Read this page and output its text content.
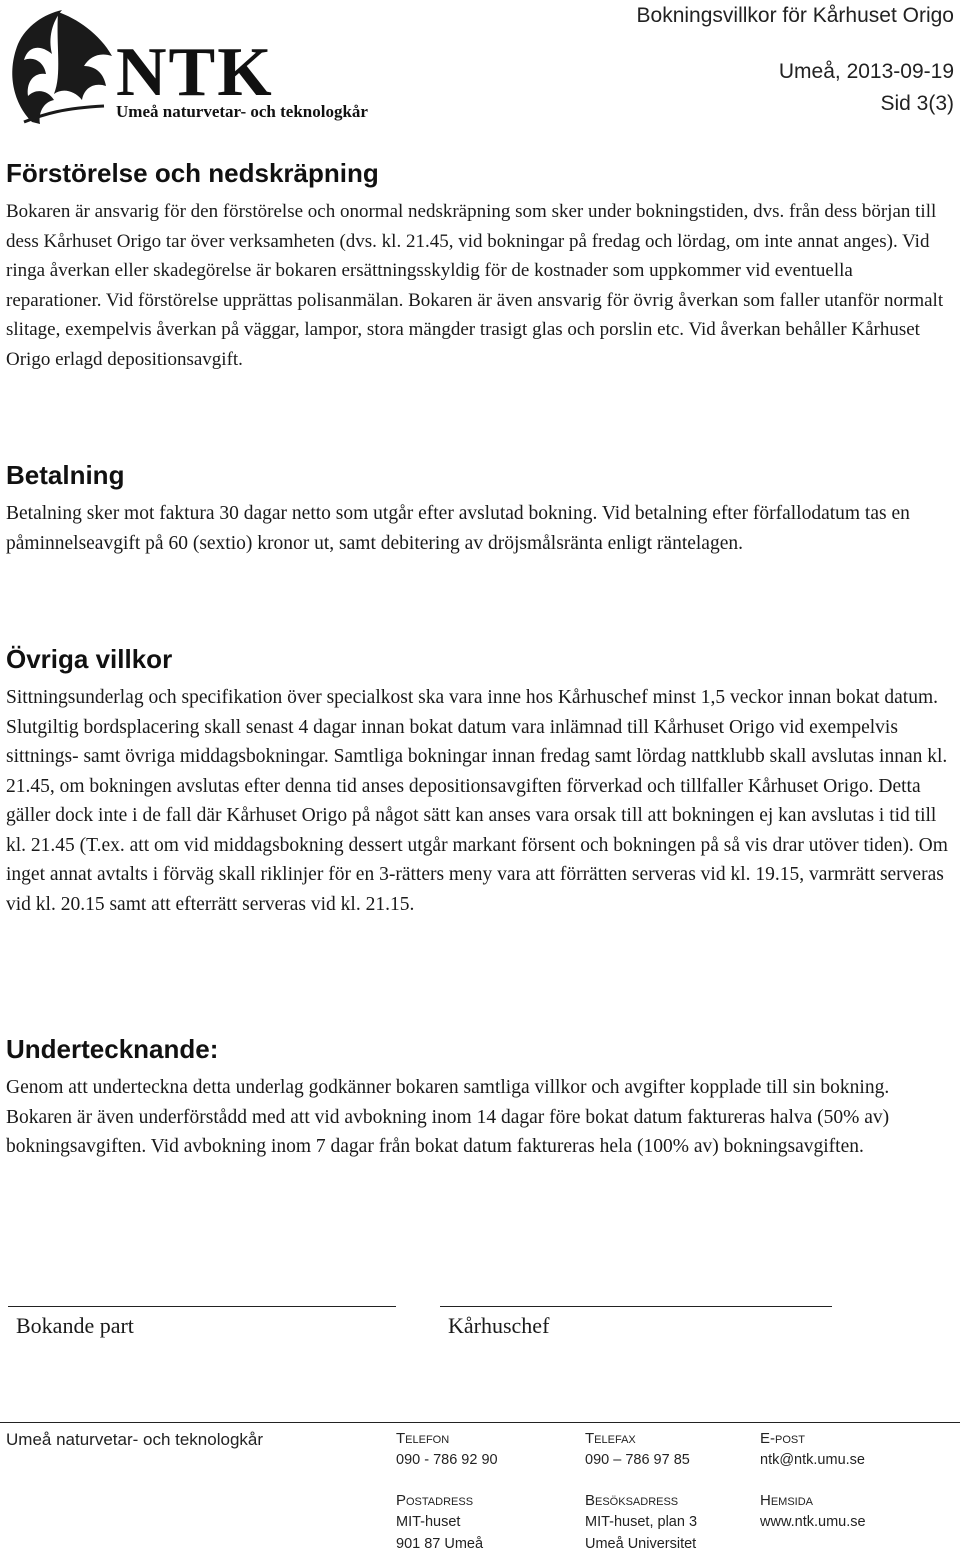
NTK
Umeå naturvetar- och teknologkår
Bokningsvillkor för Kårhuset Origo
Umeå, 2013-09-19
Sid 3(3)
Förstörelse och nedskräpning

Bokaren är ansvarig för den förstörelse och onormal nedskräpning som sker under bokningstiden, dvs. från dess början till dess Kårhuset Origo tar över verksamheten (dvs. kl. 21.45, vid bokningar på fredag och lördag, om inte annat anges). Vid ringa åverkan eller skadegörelse är bokaren ersättningsskyldig för de kostnader som uppkommer vid eventuella reparationer. Vid förstörelse upprättas polisanmälan. Bokaren är även ansvarig för övrig åverkan som faller utanför normalt slitage, exempelvis åverkan på väggar, lampor, stora mängder trasigt glas och porslin etc. Vid åverkan behåller Kårhuset Origo erlagd depositionsavgift.

Betalning

Betalning sker mot faktura 30 dagar netto som utgår efter avslutad bokning. Vid betalning efter förfallodatum tas en påminnelseavgift på 60 (sextio) kronor ut, samt debitering av dröjsmålsränta enligt räntelagen.

Övriga villkor

Sittningsunderlag och specifikation över specialkost ska vara inne hos Kårhuschef minst 1,5 veckor innan bokat datum. Slutgiltig bordsplacering skall senast 4 dagar innan bokat datum vara inlämnad till Kårhuset Origo vid exempelvis sittnings- samt övriga middagsbokningar. Samtliga bokningar innan fredag samt lördag nattklubb skall avslutas innan kl. 21.45, om bokningen avslutas efter denna tid anses depositionsavgiften förverkad och tillfaller Kårhuset Origo. Detta gäller dock inte i de fall där Kårhuset Origo på något sätt kan anses vara orsak till att bokningen ej kan avslutas i tid till kl. 21.45 (T.ex. att om vid middagsbokning dessert utgår markant försent och bokningen på så vis drar utöver tiden). Om inget annat avtalts i förväg skall riklinjer för en 3-rätters meny vara att förrätten serveras vid kl. 19.15, varmrätt serveras vid kl. 20.15 samt att efterrätt serveras vid kl. 21.15.

Undertecknande:

Genom att underteckna detta underlag godkänner bokaren samtliga villkor och avgifter kopplade till sin bokning. Bokaren är även underförstådd med att vid avbokning inom 14 dagar före bokat datum faktureras halva (50% av) bokningsavgiften. Vid avbokning inom 7 dagar från bokat datum faktureras hela (100% av) bokningsavgiften.

Bokande part	Kårhuschef
Umeå naturvetar- och teknologkår	Telefon
090 - 786 92 90
Postadress
MIT-huset
901 87 Umeå
Telefax
090 – 786 97 85
Besöksadress
MIT-huset, plan 3
Umeå Universitet
E-post
ntk@ntk.umu.se
Hemsida
www.ntk.umu.se
